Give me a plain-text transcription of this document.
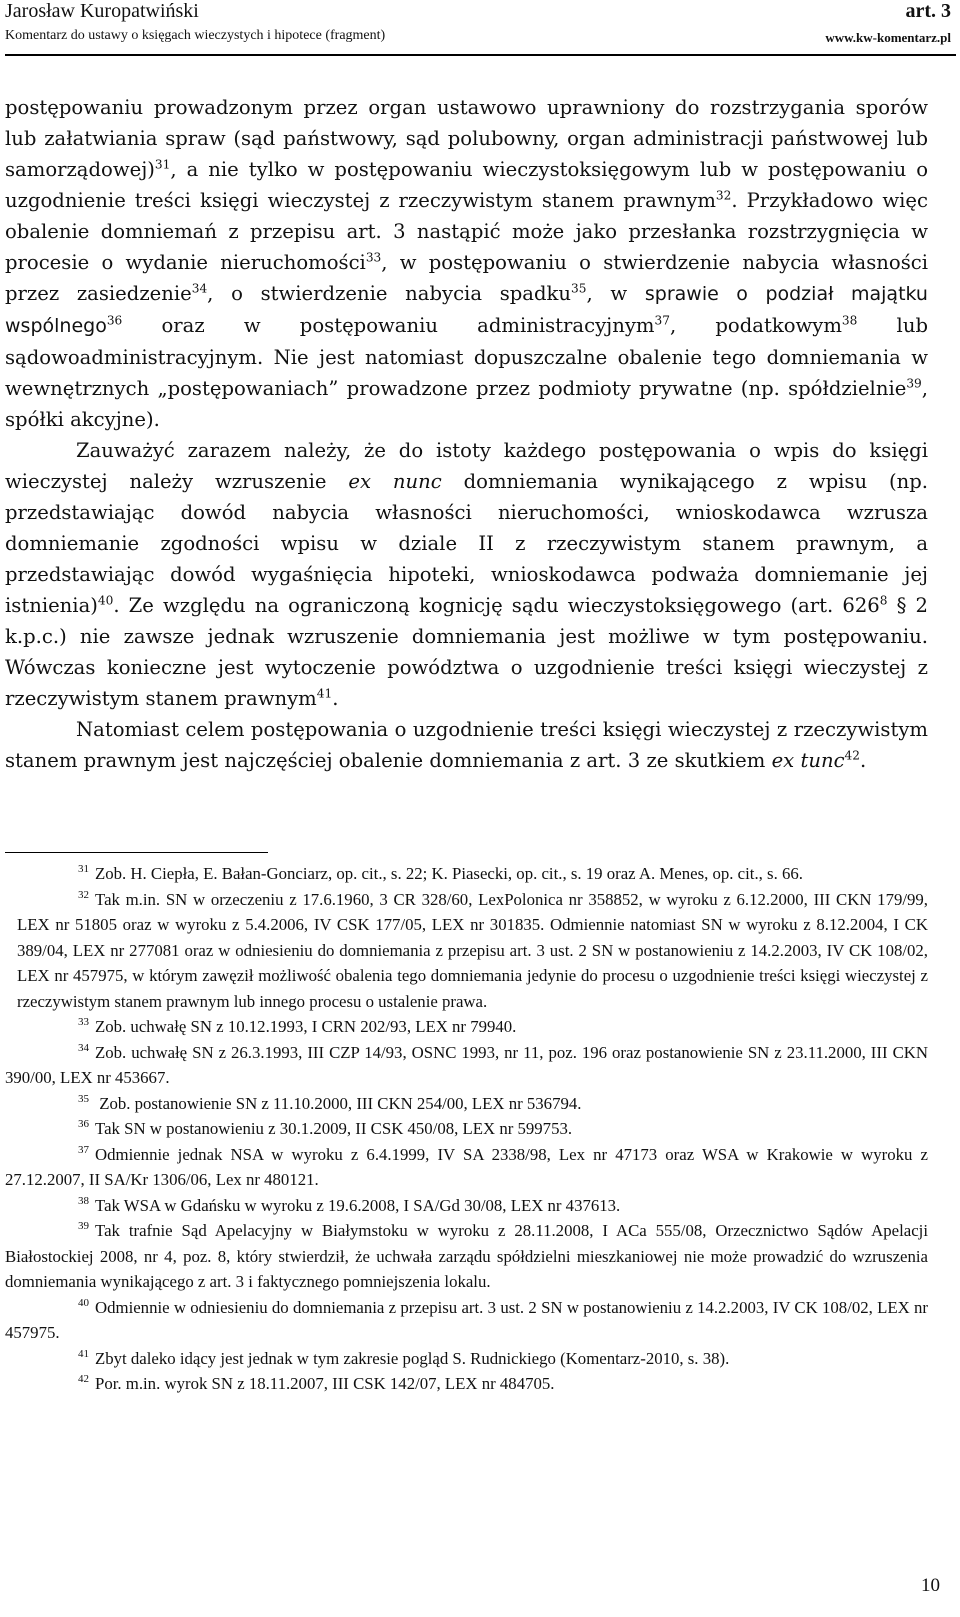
Jarosław Kuropatwiński
Komentarz do ustawy o księgach wieczystych i hipotece (fragment)
art. 3
www.kw-komentarz.pl

postępowaniu prowadzonym przez organ ustawowo uprawniony do rozstrzygania sporów lub załatwiania spraw (sąd państwowy, sąd polubowny, organ administracji państwowej lub samorządowej)$^{31}$, a nie tylko w postępowaniu wieczystoksięgowym lub w postępowaniu o uzgodnienie treści księgi wieczystej z rzeczywistym stanem prawnym$^{32}$. Przykładowo więc obalenie domniemań z przepisu art. 3 nastąpić może jako przesłanka rozstrzygnięcia w procesie o wydanie nieruchomości$^{33}$, w postępowaniu o stwierdzenie nabycia własności przez zasiedzenie$^{34}$, o stwierdzenie nabycia spadku$^{35}$, w sprawie o podział majątku wspólnego$^{36}$ oraz w postępowaniu administracyjnym$^{37}$, podatkowym$^{38}$ lub sądowoadministracyjnym. Nie jest natomiast dopuszczalne obalenie tego domniemania w wewnętrznych „postępowaniach” prowadzone przez podmioty prywatne (np. spółdzielnie$^{39}$, spółki akcyjne).

Zauważyć zarazem należy, że do istoty każdego postępowania o wpis do księgi wieczystej należy wzruszenie ex nunc domniemania wynikającego z wpisu (np. przedstawiając dowód nabycia własności nieruchomości, wnioskodawca wzrusza domniemanie zgodności wpisu w dziale II z rzeczywistym stanem prawnym, a przedstawiając dowód wygaśnięcia hipoteki, wnioskodawca podważa domniemanie jej istnienia)$^{40}$. Ze względu na ograniczoną kognicję sądu wieczystoksięgowego (art. $626^8$ § 2 k.p.c.) nie zawsze jednak wzruszenie domniemania jest możliwe w tym postępowaniu. Wówczas konieczne jest wytoczenie powództwa o uzgodnienie treści księgi wieczystej z rzeczywistym stanem prawnym$^{41}$.

Natomiast celem postępowania o uzgodnienie treści księgi wieczystej z rzeczywistym stanem prawnym jest najczęściej obalenie domniemania z art. 3 ze skutkiem ex tunc$^{42}$.

$^{31}$ Zob. H. Ciepła, E. Bałan-Gonciarz, op. cit., s. 22; K. Piasecki, op. cit., s. 19 oraz A. Menes, op. cit., s. 66.

$^{32}$ Tak m.in. SN w orzeczeniu z 17.6.1960, 3 CR 328/60, LexPolonica nr 358852, w wyroku z 6.12.2000, III CKN 179/99, LEX nr 51805 oraz w wyroku z 5.4.2006, IV CSK 177/05, LEX nr 301835. Odmiennie natomiast SN w wyroku z 8.12.2004, I CK 389/04, LEX nr 277081 oraz w odniesieniu do domniemania z przepisu art. 3 ust. 2 SN w postanowieniu z 14.2.2003, IV CK 108/02, LEX nr 457975, w którym zawęził możliwość obalenia tego domniemania jedynie do procesu o uzgodnienie treści księgi wieczystej z rzeczywistym stanem prawnym lub innego procesu o ustalenie prawa.

$^{33}$ Zob. uchwałę SN z 10.12.1993, I CRN 202/93, LEX nr 79940.

$^{34}$ Zob. uchwałę SN z 26.3.1993, III CZP 14/93, OSNC 1993, nr 11, poz. 196 oraz postanowienie SN z 23.11.2000, III CKN 390/00, LEX nr 453667.

$^{35}$ Zob. postanowienie SN z 11.10.2000, III CKN 254/00, LEX nr 536794.

$^{36}$ Tak SN w postanowieniu z 30.1.2009, II CSK 450/08, LEX nr 599753.

$^{37}$ Odmiennie jednak NSA w wyroku z 6.4.1999, IV SA 2338/98, Lex nr 47173 oraz WSA w Krakowie w wyroku z 27.12.2007, II SA/Kr 1306/06, Lex nr 480121.

$^{38}$ Tak WSA w Gdańsku w wyroku z 19.6.2008, I SA/Gd 30/08, LEX nr 437613.

$^{39}$ Tak trafnie Sąd Apelacyjny w Białymstoku w wyroku z 28.11.2008, I ACa 555/08, Orzecznictwo Sądów Apelacji Białostockiej 2008, nr 4, poz. 8, który stwierdził, że uchwała zarządu spółdzielni mieszkaniowej nie może prowadzić do wzruszenia domniemania wynikającego z art. 3 i faktycznego pomniejszenia lokalu.

$^{40}$ Odmiennie w odniesieniu do domniemania z przepisu art. 3 ust. 2 SN w postanowieniu z 14.2.2003, IV CK 108/02, LEX nr 457975.

$^{41}$ Zbyt daleko idący jest jednak w tym zakresie pogląd S. Rudnickiego (Komentarz-2010, s. 38).

$^{42}$ Por. m.in. wyrok SN z 18.11.2007, III CSK 142/07, LEX nr 484705.

10
